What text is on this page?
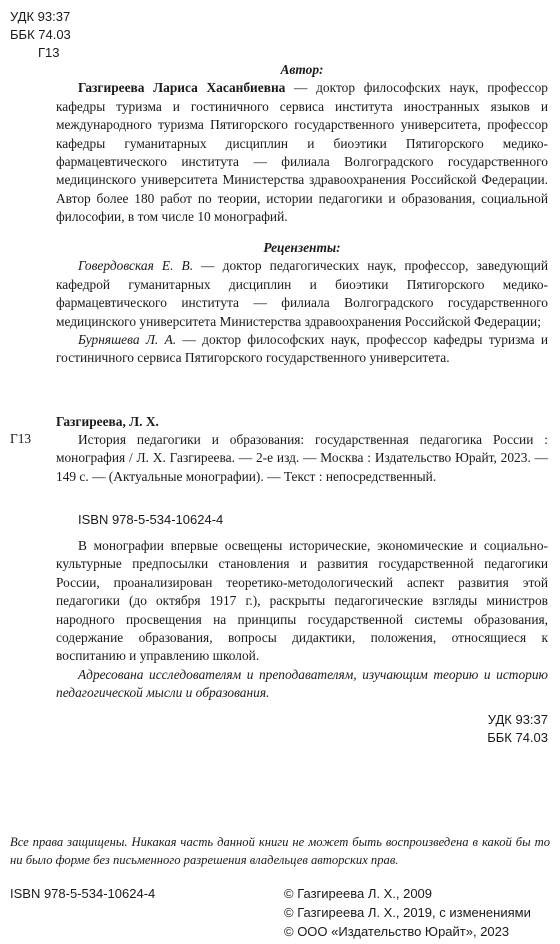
УДК 93:37
ББК 74.03
Г13
Автор:
Газгиреева Лариса Хасанбиевна — доктор философских наук, профессор кафедры туризма и гостиничного сервиса института иностранных языков и международного туризма Пятигорского государственного университета, профессор кафедры гуманитарных дисциплин и биоэтики Пятигорского медико-фармацевтического института — филиала Волгоградского государственного медицинского университета Министерства здравоохранения Российской Федерации. Автор более 180 работ по теории, истории педагогики и образования, социальной философии, в том числе 10 монографий.
Рецензенты:
Говердовская Е. В. — доктор педагогических наук, профессор, заведующий кафедрой гуманитарных дисциплин и биоэтики Пятигорского медико-фармацевтического института — филиала Волгоградского государственного медицинского университета Министерства здравоохранения Российской Федерации;
Бурняшева Л. А. — доктор философских наук, профессор кафедры туризма и гостиничного сервиса Пятигорского государственного университета.
Газгиреева, Л. Х.
Г13	История педагогики и образования: государственная педагогика России : монография / Л. Х. Газгиреева. — 2-е изд. — Москва : Издательство Юрайт, 2023. — 149 с. — (Актуальные монографии). — Текст : непосредственный.
ISBN 978-5-534-10624-4
В монографии впервые освещены исторические, экономические и социально-культурные предпосылки становления и развития государственной педагогики России, проанализирован теоретико-методологический аспект развития этой педагогики (до октября 1917 г.), раскрыты педагогические взгляды министров народного просвещения на принципы государственной системы образования, содержание образования, вопросы дидактики, положения, относящиеся к воспитанию и управлению школой.
Адресована исследователям и преподавателям, изучающим теорию и историю педагогической мысли и образования.
УДК 93:37
ББК 74.03
Все права защищены. Никакая часть данной книги не может быть воспроизведена в какой бы то ни было форме без письменного разрешения владельцев авторских прав.
ISBN 978-5-534-10624-4	© Газгиреева Л. Х., 2009
© Газгиреева Л. Х., 2019, с изменениями
© ООО «Издательство Юрайт», 2023
